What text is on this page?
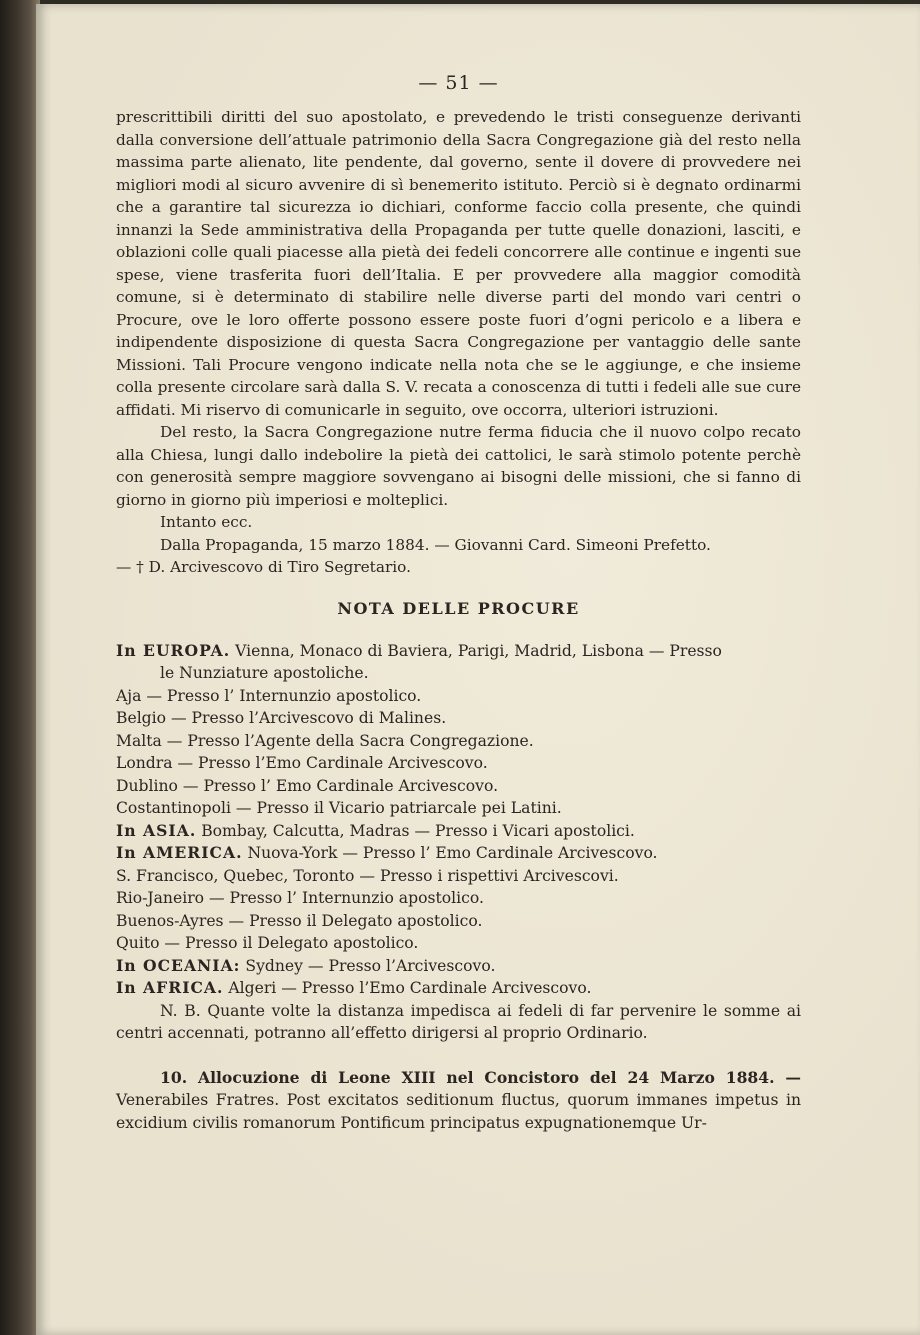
— 51 —

prescrittibili diritti del suo apostolato, e prevedendo le tristi conseguenze derivanti dalla conversione dell’attuale patrimonio della Sacra Congregazione già del resto nella massima parte alienato, lite pendente, dal governo, sente il dovere di provvedere nei migliori modi al sicuro avvenire di sì benemerito istituto. Perciò si è degnato ordinarmi che a garantire tal sicurezza io dichiari, conforme faccio colla presente, che quindi innanzi la Sede amministrativa della Propaganda per tutte quelle donazioni, lasciti, e oblazioni colle quali piacesse alla pietà dei fedeli concorrere alle continue e ingenti sue spese, viene trasferita fuori dell’Italia. E per provvedere alla maggior comodità comune, si è determinato di stabilire nelle diverse parti del mondo vari centri o Procure, ove le loro offerte possono essere poste fuori d’ogni pericolo e a libera e indipendente disposizione di questa Sacra Congregazione per vantaggio delle sante Missioni. Tali Procure vengono indicate nella nota che se le aggiunge, e che insieme colla presente circolare sarà dalla S. V. recata a conoscenza di tutti i fedeli alle sue cure affidati. Mi riservo di comunicarle in seguito, ove occorra, ulteriori istruzioni.

Del resto, la Sacra Congregazione nutre ferma fiducia che il nuovo colpo recato alla Chiesa, lungi dallo indebolire la pietà dei cattolici, le sarà stimolo potente perchè con generosità sempre maggiore sovvengano ai bisogni delle missioni, che si fanno di giorno in giorno più imperiosi e molteplici.

Intanto ecc.
Dalla Propaganda, 15 marzo 1884. — Giovanni Card. Simeoni Prefetto.
— † D. Arcivescovo di Tiro Segretario.
NOTA DELLE PROCURE
In EUROPA. Vienna, Monaco di Baviera, Parigi, Madrid, Lisbona — Presso
le Nunziature apostoliche.
Aja — Presso l’ Internunzio apostolico.
Belgio — Presso l’Arcivescovo di Malines.
Malta — Presso l’Agente della Sacra Congregazione.
Londra — Presso l’Emo Cardinale Arcivescovo.
Dublino — Presso l’ Emo Cardinale Arcivescovo.
Costantinopoli — Presso il Vicario patriarcale pei Latini.
In ASIA. Bombay, Calcutta, Madras — Presso i Vicari apostolici.
In AMERICA. Nuova-York — Presso l’ Emo Cardinale Arcivescovo.
S. Francisco, Quebec, Toronto — Presso i rispettivi Arcivescovi.
Rio-Janeiro — Presso l’ Internunzio apostolico.
Buenos-Ayres — Presso il Delegato apostolico.
Quito — Presso il Delegato apostolico.
In OCEANIA: Sydney — Presso l’Arcivescovo.
In AFRICA. Algeri — Presso l’Emo Cardinale Arcivescovo.

N. B. Quante volte la distanza impedisca ai fedeli di far pervenire le somme ai centri accennati, potranno all’effetto dirigersi al proprio Ordinario.

10. Allocuzione di Leone XIII nel Concistoro del 24 Marzo 1884. — Venerabiles Fratres. Post excitatos seditionum fluctus, quorum immanes impetus in excidium civilis romanorum Pontificum principatus expugnationemque Ur-
